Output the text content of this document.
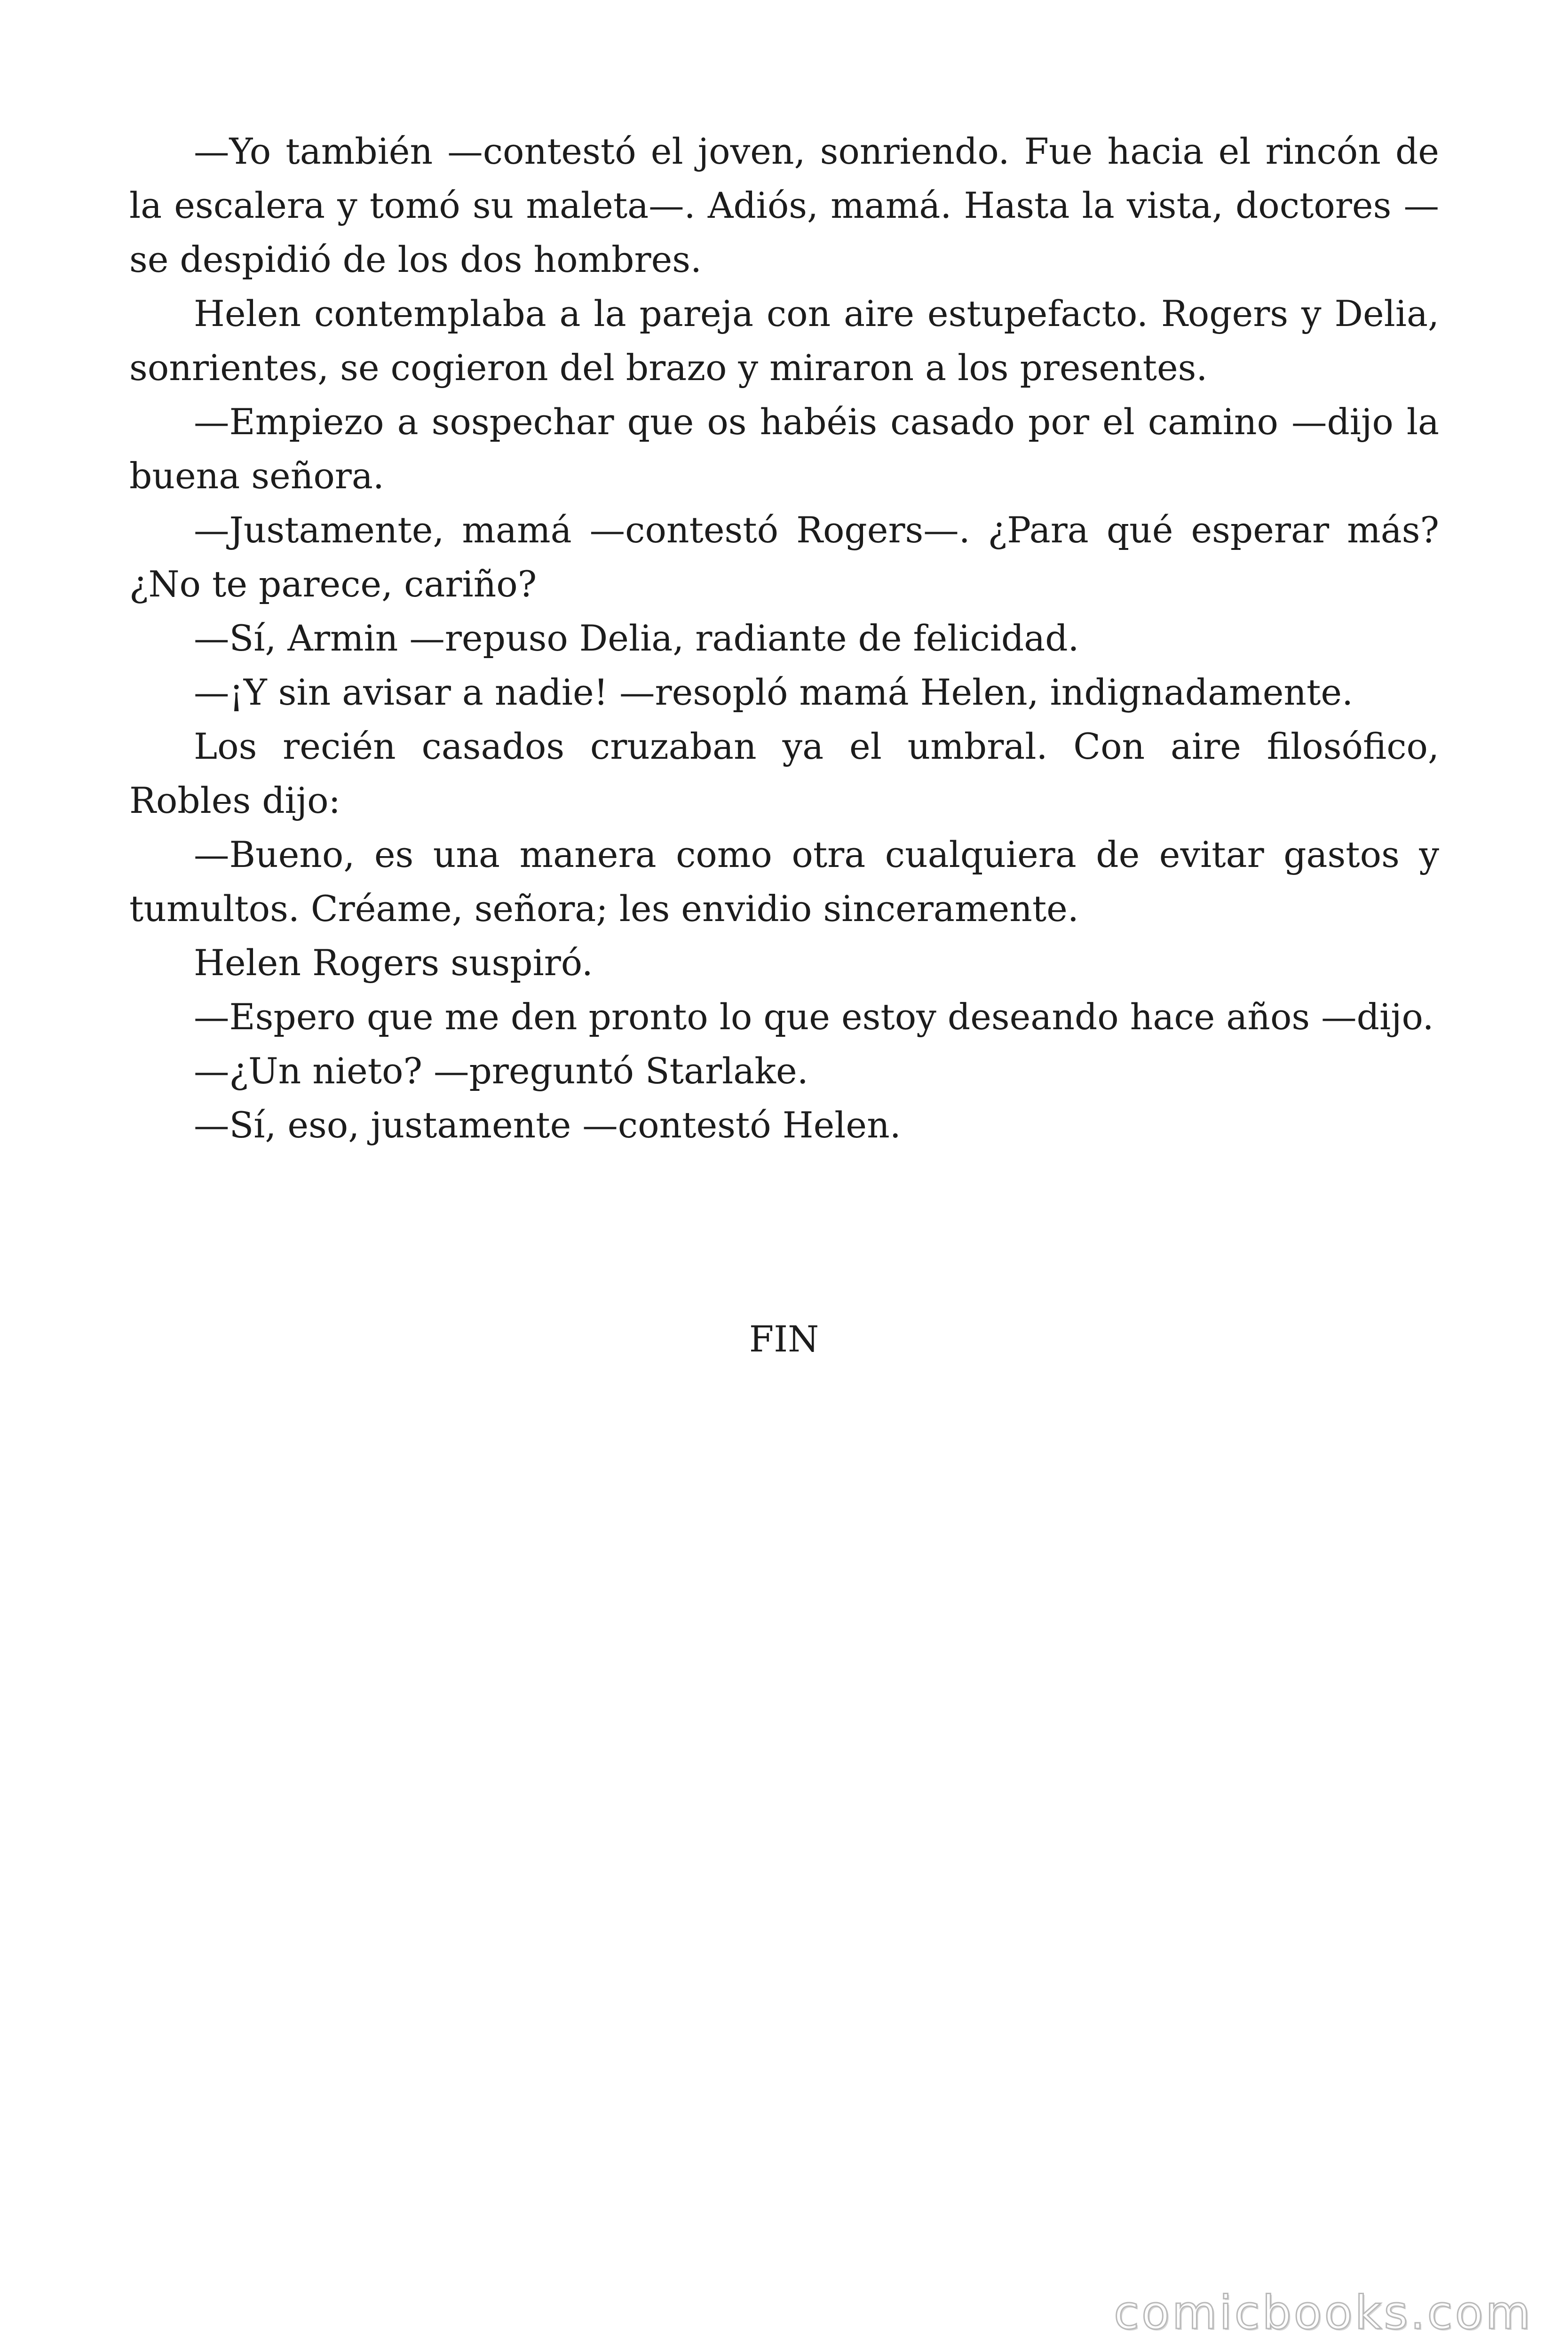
—Yo también —contestó el joven, sonriendo. Fue hacia el rincón de la escalera y tomó su maleta—. Adiós, mamá. Hasta la vista, doctores —se despidió de los dos hombres.

Helen contemplaba a la pareja con aire estupefacto. Rogers y Delia, sonrientes, se cogieron del brazo y miraron a los presentes.

—Empiezo a sospechar que os habéis casado por el camino —dijo la buena señora.

—Justamente, mamá —contestó Rogers—. ¿Para qué esperar más? ¿No te parece, cariño?

—Sí, Armin —repuso Delia, radiante de felicidad.

—¡Y sin avisar a nadie! —resopló mamá Helen, indignadamente.

Los recién casados cruzaban ya el umbral. Con aire filosófico, Robles dijo:

—Bueno, es una manera como otra cualquiera de evitar gastos y tumultos. Créame, señora; les envidio sinceramente.

Helen Rogers suspiró.

—Espero que me den pronto lo que estoy deseando hace años —dijo.

—¿Un nieto? —preguntó Starlake.

—Sí, eso, justamente —contestó Helen.

FIN
comicbooks.com
